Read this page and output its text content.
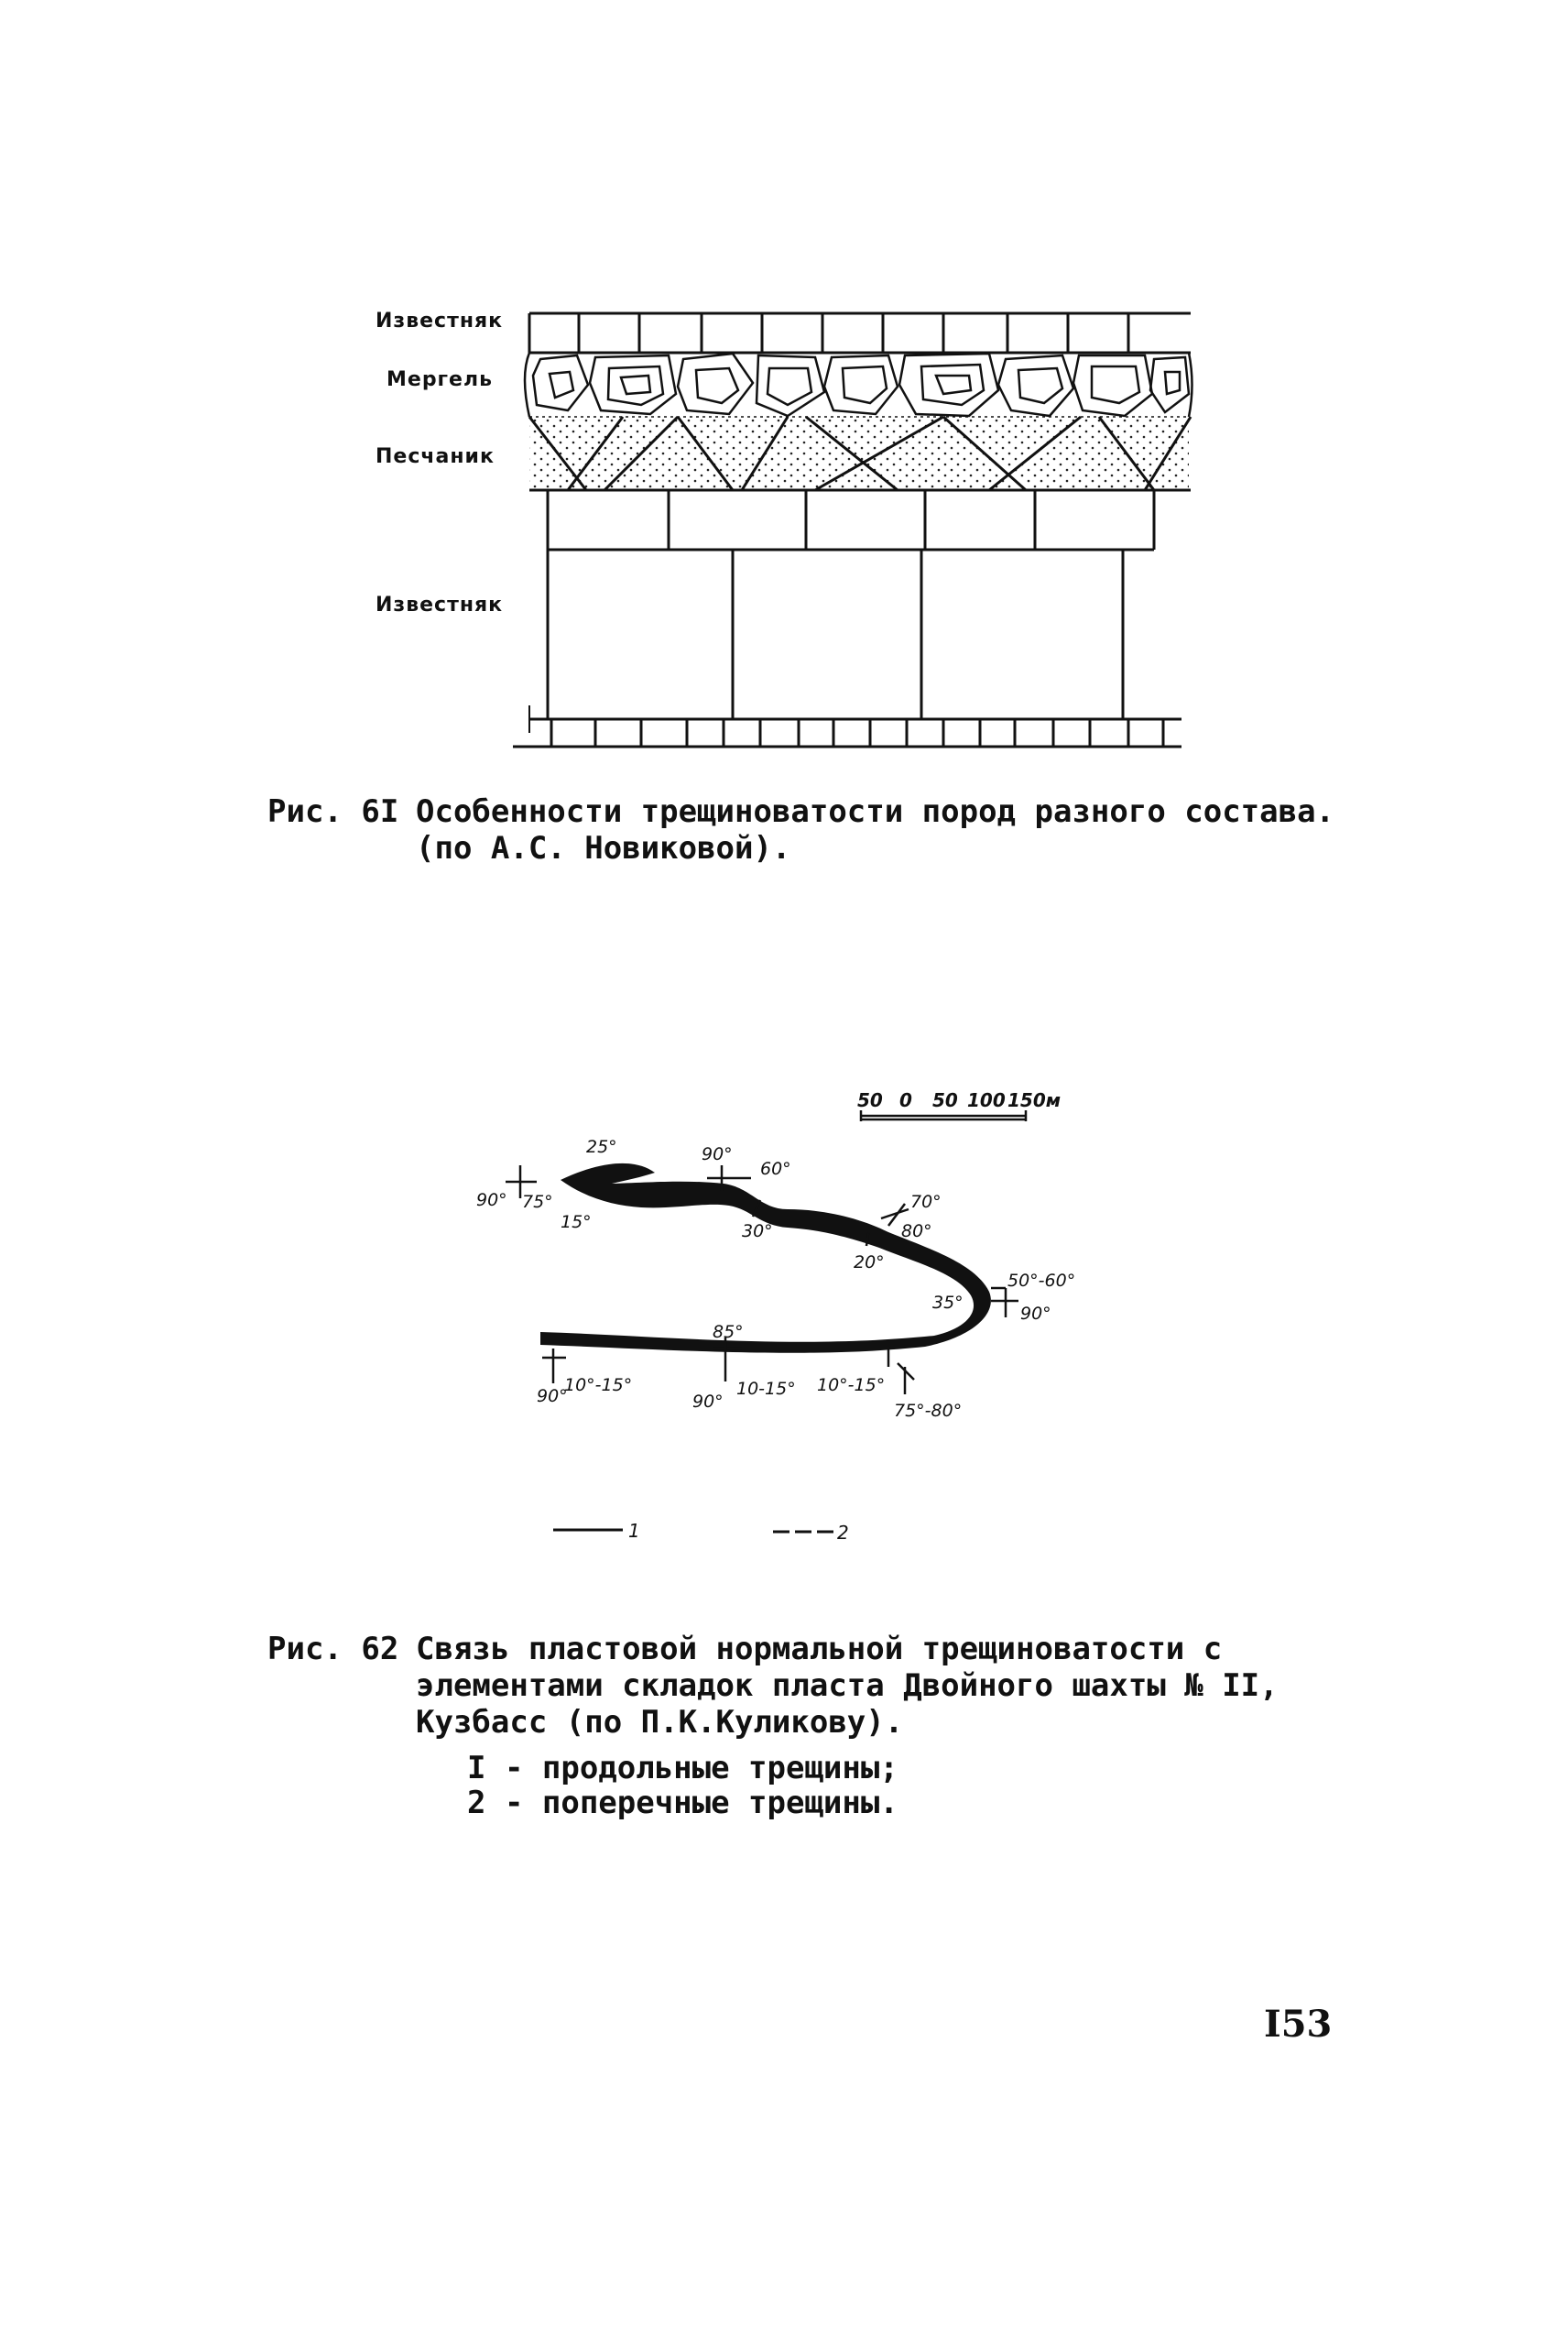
Известняк
Мергель
Песчаник
Известняк
Рис. 6I Особенности трещиноватости пород разного состава.
(по А.С. Новиковой).
50 0 50 100 150м
25°	90°
60°
90° 75°
15°	30°
70°
80°
20°
50°-60°
35°
90°
85°
90°
10°-15°
90°
10-15° 10°-15°
75°-80°
1	2
Рис. 62 Связь пластовой нормальной трещиноватости с
элементами складок пласта Двойного шахты № II,
Кузбасс (по П.К.Куликову).
I - продольные трещины;
2 - поперечные трещины.
I53
